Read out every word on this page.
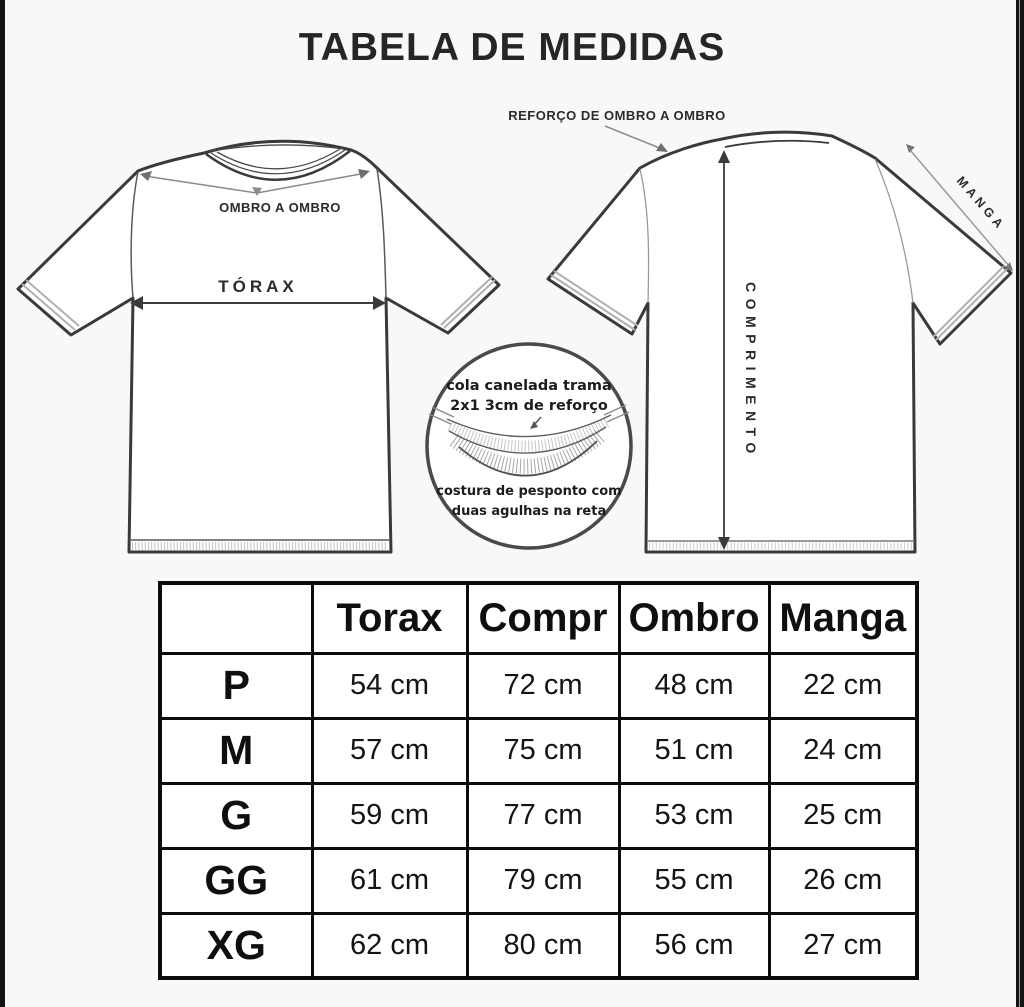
TABELA DE MEDIDAS
OMBRO A OMBRO
TÓRAX
REFORÇO DE OMBRO A OMBRO
COMPRIMENTO
MANGA
cola canelada trama
2x1 3cm de reforço
costura de pesponto com
duas agulhas na reta
	Torax	Compr	Ombro	Manga
P	54 cm	72 cm	48 cm	22 cm
M	57 cm	75 cm	51 cm	24 cm
G	59 cm	77 cm	53 cm	25 cm
GG	61 cm	79 cm	55 cm	26 cm
XG	62 cm	80 cm	56 cm	27 cm
